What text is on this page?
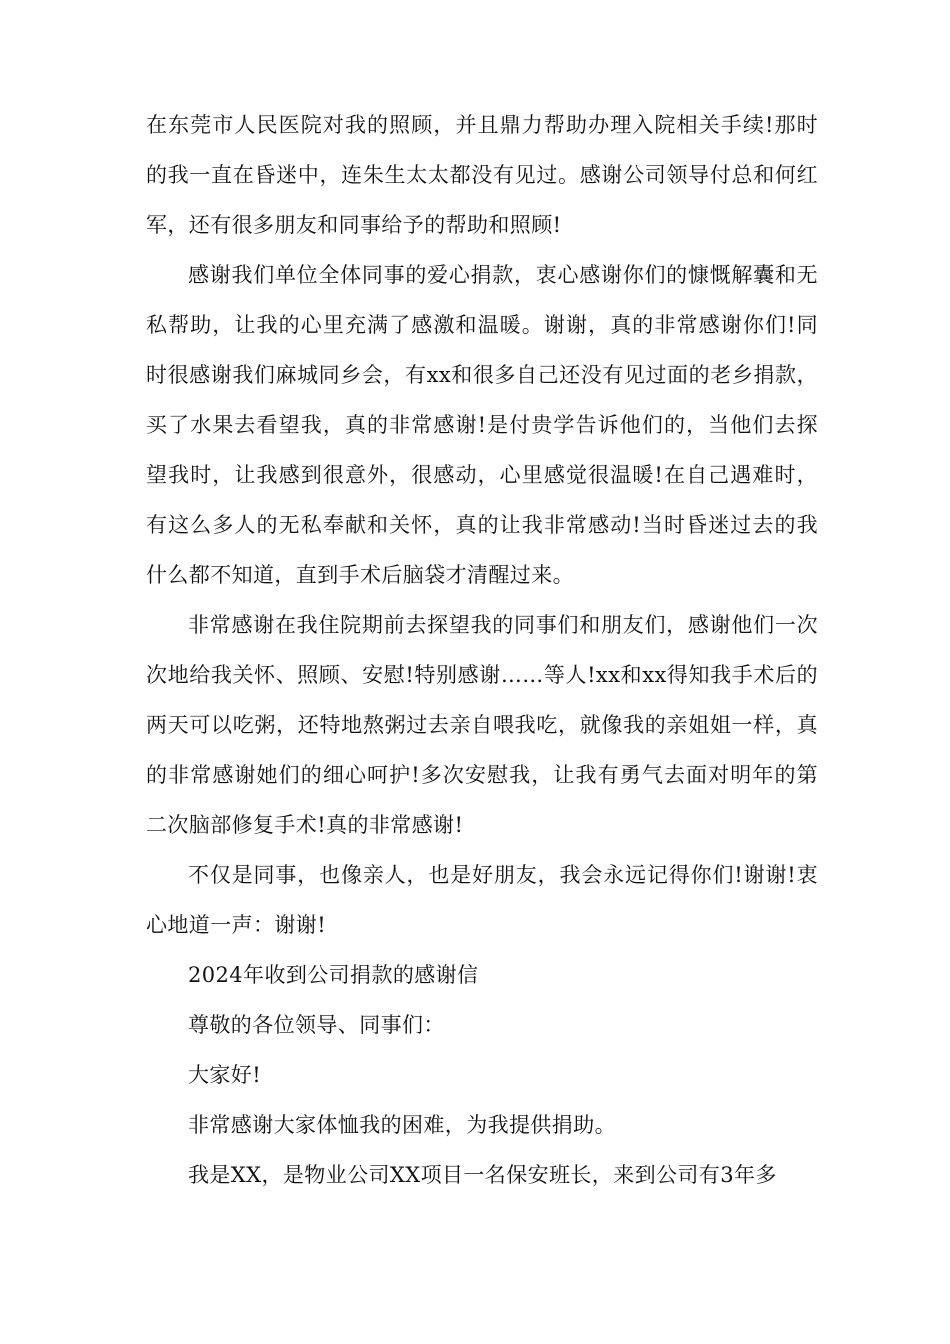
在东莞市人民医院对我的照顾，并且鼎力帮助办理入院相关手续!那时的我一直在昏迷中，连朱生太太都没有见过。感谢公司领导付总和何红军，还有很多朋友和同事给予的帮助和照顾!

感谢我们单位全体同事的爱心捐款，衷心感谢你们的慷慨解囊和无私帮助，让我的心里充满了感激和温暖。谢谢，真的非常感谢你们!同时很感谢我们麻城同乡会，有xx和很多自己还没有见过面的老乡捐款，买了水果去看望我，真的非常感谢!是付贵学告诉他们的，当他们去探望我时，让我感到很意外，很感动，心里感觉很温暖!在自己遇难时，有这么多人的无私奉献和关怀，真的让我非常感动!当时昏迷过去的我什么都不知道，直到手术后脑袋才清醒过来。

非常感谢在我住院期前去探望我的同事们和朋友们，感谢他们一次次地给我关怀、照顾、安慰!特别感谢……等人!xx和xx得知我手术后的两天可以吃粥，还特地熬粥过去亲自喂我吃，就像我的亲姐姐一样，真的非常感谢她们的细心呵护!多次安慰我，让我有勇气去面对明年的第二次脑部修复手术!真的非常感谢!

不仅是同事，也像亲人，也是好朋友，我会永远记得你们!谢谢!衷心地道一声：谢谢!

2024年收到公司捐款的感谢信

尊敬的各位领导、同事们：

大家好!

非常感谢大家体恤我的困难，为我提供捐助。

我是XX，是物业公司XX项目一名保安班长，来到公司有3年多
